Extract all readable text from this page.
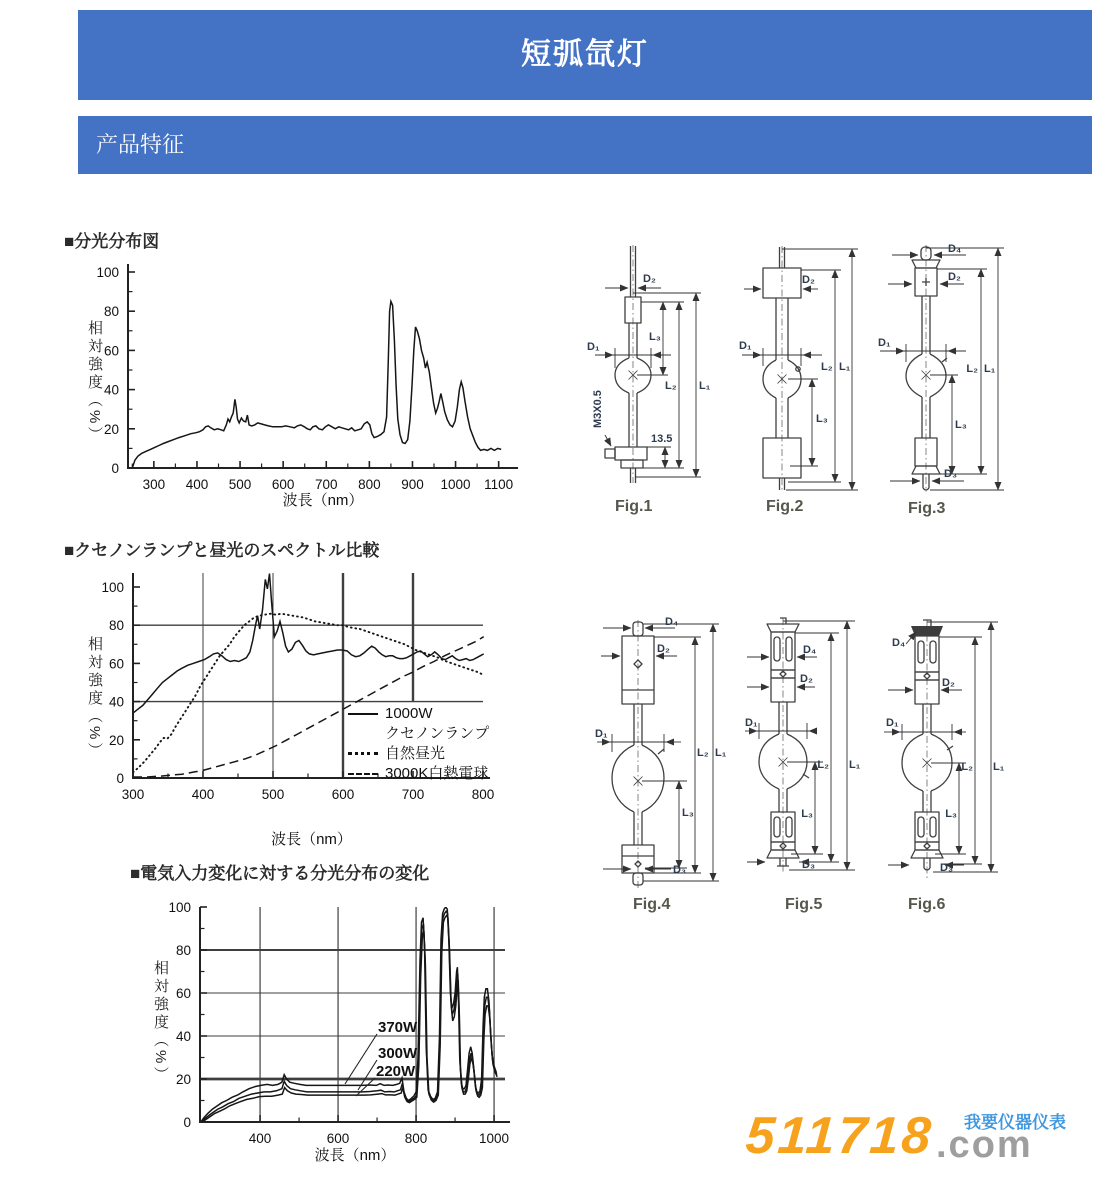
短弧氙灯
产品特征
■分光分布図
■クセノンランプと昼光のスペクトル比較
■電気入力変化に対する分光分布の変化
300 400 500 600 700 800 900 1000 1100
0
20
40
60
80
100
波長（nm）
300	400	500	600	700	800
0
20
40
60
80
100
波長（nm）
400	600	800	1000
0
20
40
60
80
100
波長（nm）
相対強度（%）
相対強度（%）
相対強度（%）
1000W
クセノンランプ
自然昼光
3000K白熱電球
370W
300W
220W
D₂
D₁
L₃
L₂ L₁
13.5
M3X0.5
Fig.1
D₂
D₁
L₃
L₂ L₁
Fig.2
D₄
D₂
D₁
L₃
L₂ L₁
D₃
Fig.3
D₄
D₂
D₁
L₃
L₂ L₁
D₃
Fig.4
D₄
D₂
D₁
L₃
L₂ L₁
D₃
Fig.5
D₄
D₂
D₁
L₃
L₂ L₁
D₃
Fig.6
511718 我要仪器仪表
.com
